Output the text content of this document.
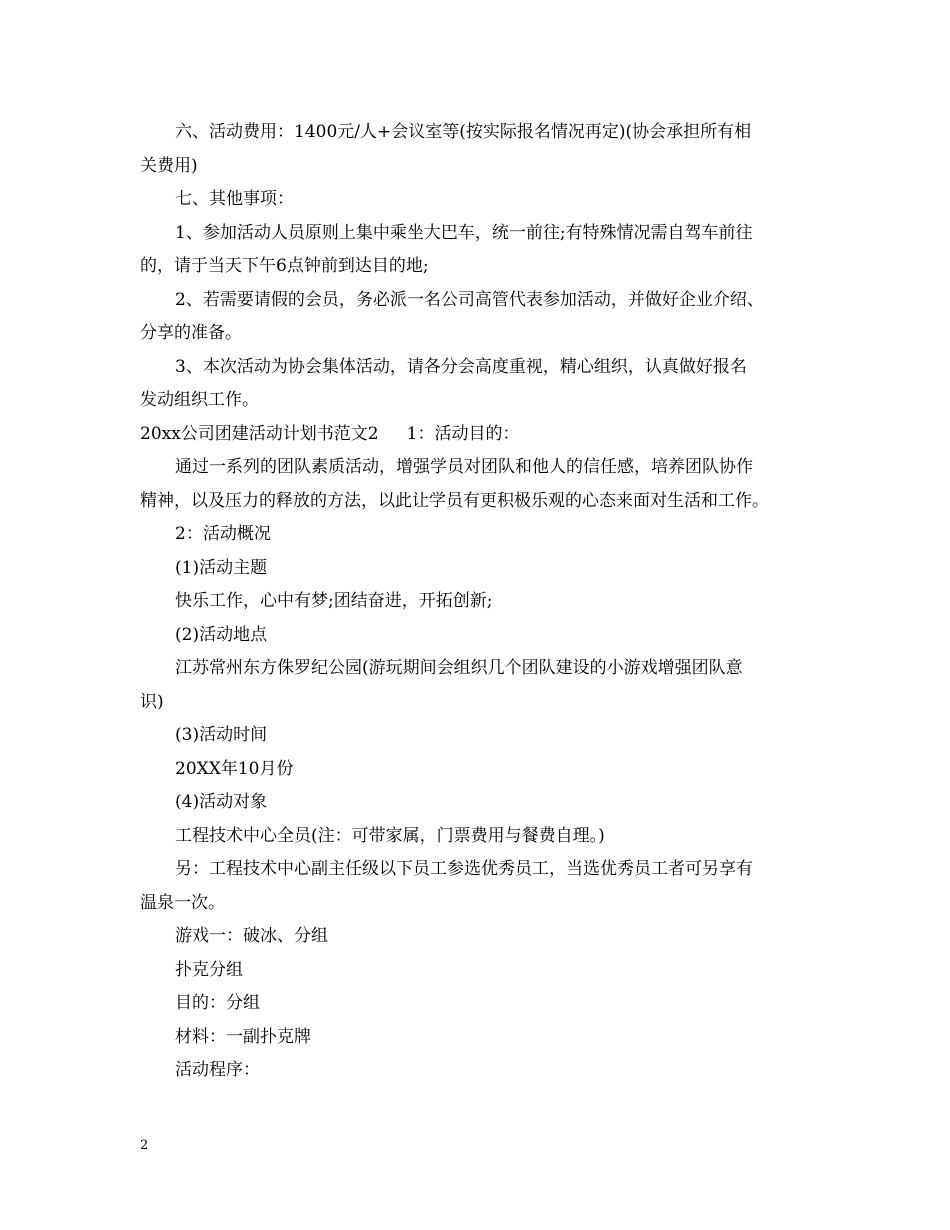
六、活动费用：1400元/人+会议室等(按实际报名情况再定)(协会承担所有相
关费用)
七、其他事项：
1、参加活动人员原则上集中乘坐大巴车，统一前往;有特殊情况需自驾车前往
的，请于当天下午6点钟前到达目的地;
2、若需要请假的会员，务必派一名公司高管代表参加活动，并做好企业介绍、
分享的准备。
3、本次活动为协会集体活动，请各分会高度重视，精心组织，认真做好报名
发动组织工作。
20xx公司团建活动计划书范文2 1：活动目的：
通过一系列的团队素质活动，增强学员对团队和他人的信任感，培养团队协作
精神，以及压力的释放的方法，以此让学员有更积极乐观的心态来面对生活和工作。
2：活动概况
(1)活动主题
快乐工作，心中有梦;团结奋进，开拓创新;
(2)活动地点
江苏常州东方侏罗纪公园(游玩期间会组织几个团队建设的小游戏增强团队意
识)
(3)活动时间
20XX年10月份
(4)活动对象
工程技术中心全员(注：可带家属，门票费用与餐费自理。)
另：工程技术中心副主任级以下员工参选优秀员工，当选优秀员工者可另享有
温泉一次。
游戏一：破冰、分组
扑克分组
目的：分组
材料：一副扑克牌
活动程序：
2
